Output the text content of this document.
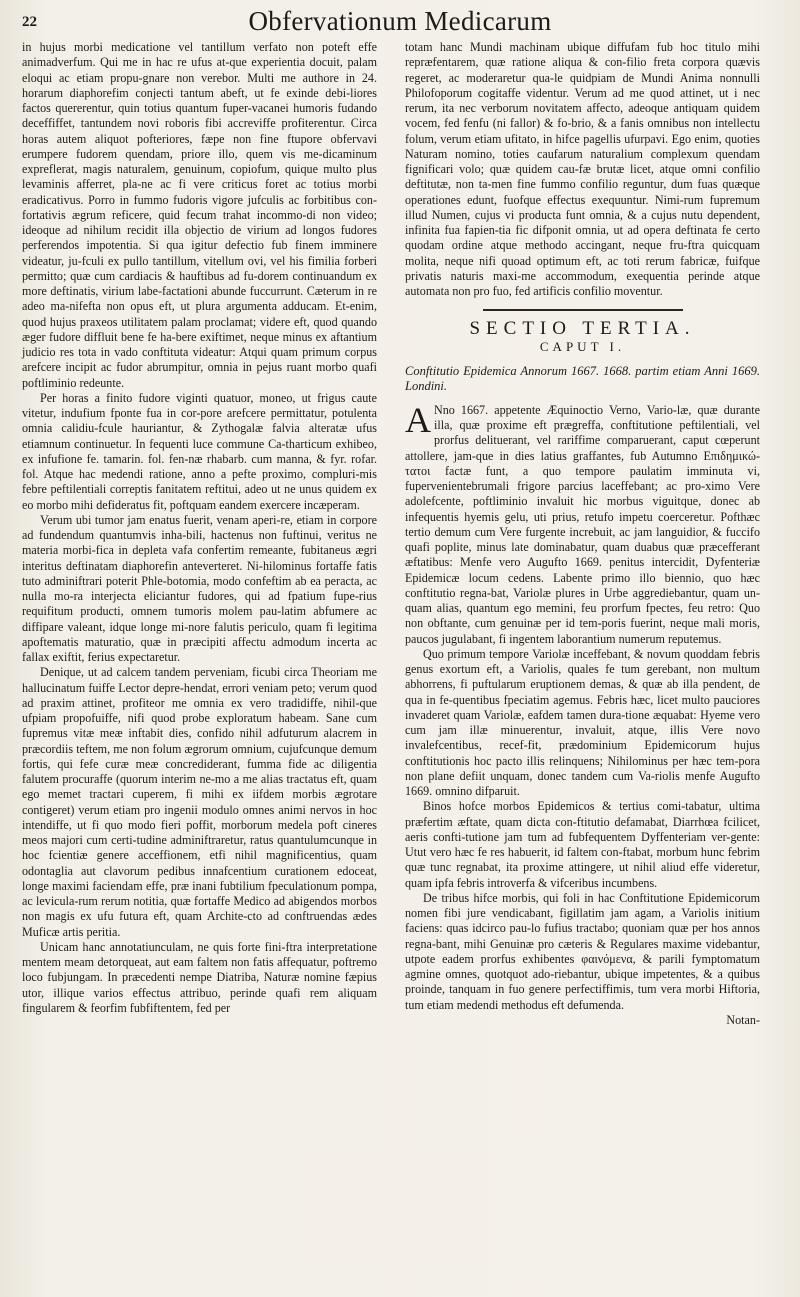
22	Obfervationum Medicarum

in hujus morbi medicatione vel tantillum verfato non poteft effe animadverfum. Qui me in hac re ufus at-que experientia docuit, palam eloqui ac etiam propu-gnare non verebor. Multi me authore in 24. horarum diaphorefim conjecti tantum abeft, ut fe exinde debi-liores factos quererentur, quin totius quantum fuper-vacanei humoris fudando deceffiffet, tantundem novi roboris fibi accreviffe profiterentur. Circa horas autem aliquot pofteriores, fæpe non fine ftupore obfervavi erumpere fudorem quendam, priore illo, quem vis me-dicaminum expreflerat, magis naturalem, genuinum, copiofum, quique multo plus levaminis afferret, pla-ne ac fi vere criticus foret ac totius morbi eradicativus. Porro in fummo fudoris vigore jufculis ac forbitibus con-fortativis ægrum reficere, quid fecum trahat incommo-di non video; ideoque ad nihilum recidit illa objectio de virium ad longos fudores perferendos impotentia. Si qua igitur defectio fub finem imminere videatur, ju-fculi ex pullo tantillum, vitellum ovi, vel his fimilia forberi permitto; quæ cum cardiacis & hauftibus ad fu-dorem continuandum ex more deftinatis, virium labe-factationi abunde fuccurrunt. Cæterum in re adeo ma-nifefta non opus eft, ut plura argumenta adducam. Et-enim, quod hujus praxeos utilitatem palam proclamat; videre eft, quod quando æger fudore diffluit bene fe ha-bere exiftimet, neque minus ex aftantium judicio res tota in vado conftituta videatur: Atqui quam primum corpus arefcere incipit ac fudor abrumpitur, omnia in pejus ruant morbo quafi poftliminio redeunte.

Per horas a finito fudore viginti quatuor, moneo, ut frigus caute vitetur, indufium fponte fua in cor-pore arefcere permittatur, potulenta omnia calidiu-fcule hauriantur, & Zythogalæ falvia alteratæ ufus etiamnum continuetur. In fequenti luce commune Ca-tharticum exhibeo, ex infufione fe. tamarin. fol. fen-næ rhabarb. cum manna, & fyr. rofar. fol. Atque hac medendi ratione, anno a pefte proximo, compluri-mis febre peftilentiali correptis fanitatem reftitui, adeo ut ne unus quidem ex eo morbo mihi defideratus fit, poftquam eandem exercere incæperam.

Verum ubi tumor jam enatus fuerit, venam aperi-re, etiam in corpore ad fundendum quantumvis inha-bili, hactenus non fuftinui, veritus ne materia morbi-fica in depleta vafa confertim remeante, fubitaneus ægri interitus deftinatam diaphorefin anteverteret. Ni-hilominus fortaffe fatis tuto adminiftrari poterit Phle-botomia, modo confeftim ab ea peracta, ac nulla mo-ra interjecta eliciantur fudores, qui ad fpatium fupe-rius requifitum producti, omnem tumoris molem pau-latim abfumere ac diffipare valeant, idque longe mi-nore falutis periculo, quam fi legitima apoftematis maturatio, quæ in præcipiti affectu admodum incerta ac fallax exiftit, ferius expectaretur.

Denique, ut ad calcem tandem perveniam, ficubi circa Theoriam me hallucinatum fuiffe Lector depre-hendat, errori veniam peto; verum quod ad praxim attinet, profiteor me omnia ex vero tradidiffe, nihil-que ufpiam propofuiffe, nifi quod probe exploratum habeam. Sane cum fupremus vitæ meæ inftabit dies, confido nihil adfuturum alacrem in præcordiis teftem, me non folum ægrorum omnium, cujufcunque demum fortis, qui fefe curæ meæ concrediderant, fumma fide ac diligentia falutem procuraffe (quorum interim ne-mo a me alias tractatus eft, quam ego memet tractari cuperem, fi mihi ex iifdem morbis ægrotare contigeret) verum etiam pro ingenii modulo omnes animi nervos in hoc intendiffe, ut fi quo modo fieri poffit, morborum medela poft cineres meos majori cum certi-tudine adminiftraretur, ratus quantulumcunque in hoc fcientiæ genere acceffionem, etfi nihil magnificentius, quam odontaglia aut clavorum pedibus innafcentium curationem edoceat, longe maximi faciendam effe, præ inani fubtilium fpeculationum pompa, ac levicula-rum rerum notitia, quæ fortaffe Medico ad abigendos morbos non magis ex ufu futura eft, quam Archite-cto ad conftruendas ædes Muficæ artis peritia.

Unicam hanc annotatiunculam, ne quis forte fini-ftra interpretatione mentem meam detorqueat, aut eam faltem non fatis affequatur, poftremo loco fubjungam. In præcedenti nempe Diatriba, Naturæ nomine fæpius utor, illique varios effectus attribuo, perinde quafi rem aliquam fingularem & feorfim fubfiftentem, fed per

totam hanc Mundi machinam ubique diffufam fub hoc titulo mihi repræfentarem, quæ ratione aliqua & con-filio freta corpora quævis regeret, ac moderaretur qua-le quidpiam de Mundi Anima nonnulli Philofoporum cogitaffe videntur. Verum ad me quod attinet, ut i nec rerum, ita nec verborum novitatem affecto, adeoque antiquam quidem vocem, fed fenfu (ni fallor) & fo-brio, & a fanis omnibus non intellectu folum, verum etiam ufitato, in hifce pagellis ufurpavi. Ego enim, quoties Naturam nomino, toties caufarum naturalium complexum quendam fignificari volo; quæ quidem cau-fæ brutæ licet, atque omni confilio deftitutæ, non ta-men fine fummo confilio reguntur, dum fuas quæque operationes edunt, fuofque effectus exequuntur. Nimi-rum fupremum illud Numen, cujus vi producta funt omnia, & a cujus nutu dependent, infinita fua fapien-tia fic difponit omnia, ut ad opera deftinata fe certo quodam ordine atque methodo accingant, neque fru-ftra quicquam molita, neque nifi quoad optimum eft, ac toti rerum fabricæ, fuifque privatis naturis maxi-me accommodum, exequentia perinde atque automata non pro fuo, fed artificis confilio moventur.

SECTIO TERTIA.
CAPUT I.
Conftitutio Epidemica Annorum 1667. 1668. partim etiam Anni 1669. Londini.

A Nno 1667. appetente Æquinoctio Verno, Vario-læ, quæ durante illa, quæ proxime eft prægreffa, conftitutione peftilentiali, vel prorfus delituerant, vel rariffime comparuerant, caput cœperunt attollere, jam-que in dies latius graffantes, fub Autumno Επιδημικώ-τατοι factæ funt, a quo tempore paulatim imminuta vi, fupervenientebrumali frigore parcius laceffebant; ac pro-ximo Vere adolefcente, poftliminio invaluit hic morbus viguitque, donec ab infequentis hyemis gelu, uti prius, retufo impetu coerceretur. Pofthæc tertio demum cum Vere furgente increbuit, ac jam languidior, & fuccifo quafi poplite, minus late dominabatur, quam duabus quæ præcefferant æftatibus: Menfe vero Augufto 1669. penitus intercidit, Dyfenteriæ Epidemicæ locum cedens. Labente primo illo biennio, quo hæc conftitutio regna-bat, Variolæ plures in Urbe aggrediebantur, quam un-quam alias, quantum ego memini, feu prorfum fpectes, feu retro: Quo non obftante, cum genuinæ per id tem-poris fuerint, neque mali moris, paucos jugulabant, fi ingentem laborantium numerum reputemus.

Quo primum tempore Variolæ inceffebant, & novum quoddam febris genus exortum eft, a Variolis, quales fe tum gerebant, non multum abhorrens, fi puftularum eruptionem demas, & quæ ab illa pendent, de qua in fe-quentibus fpeciatim agemus. Febris hæc, licet multo pauciores invaderet quam Variolæ, eafdem tamen dura-tione æquabat: Hyeme vero cum jam illæ minuerentur, invaluit, atque, illis Vere novo invalefcentibus, recef-fit, prædominium Epidemicorum hujus conftitutionis hoc pacto illis relinquens; Nihilominus per hæc tem-pora non plane defiit unquam, donec tandem cum Va-riolis menfe Augufto 1669. omnino difparuit.

Binos hofce morbos Epidemicos & tertius comi-tabatur, ultima præfertim æftate, quam dicta con-ftitutio defamabat, Diarrhœa fcilicet, aeris confti-tutione jam tum ad fubfequentem Dyffenteriam ver-gente: Utut vero hæc fe res habuerit, id faltem con-ftabat, morbum hunc febrim quæ tunc regnabat, ita proxime attingere, ut nihil aliud effe videretur, quam ipfa febris introverfa & vifceribus incumbens.

De tribus hifce morbis, qui foli in hac Conftitutione Epidemicorum nomen fibi jure vendicabant, figillatim jam agam, a Variolis initium faciens: quas idcirco pau-lo fufius tractabo; quoniam quæ per hos annos regna-bant, mihi Genuinæ pro cæteris & Regulares maxime videbantur, utpote eadem prorfus exhibentes φαινόμενα, & parili fymptomatum agmine omnes, quotquot ado-riebantur, ubique impetentes, & a quibus proinde, tanquam in fuo genere perfectiffimis, tum vera morbi Hiftoria, tum etiam medendi methodus eft defumenda.

Notan-
